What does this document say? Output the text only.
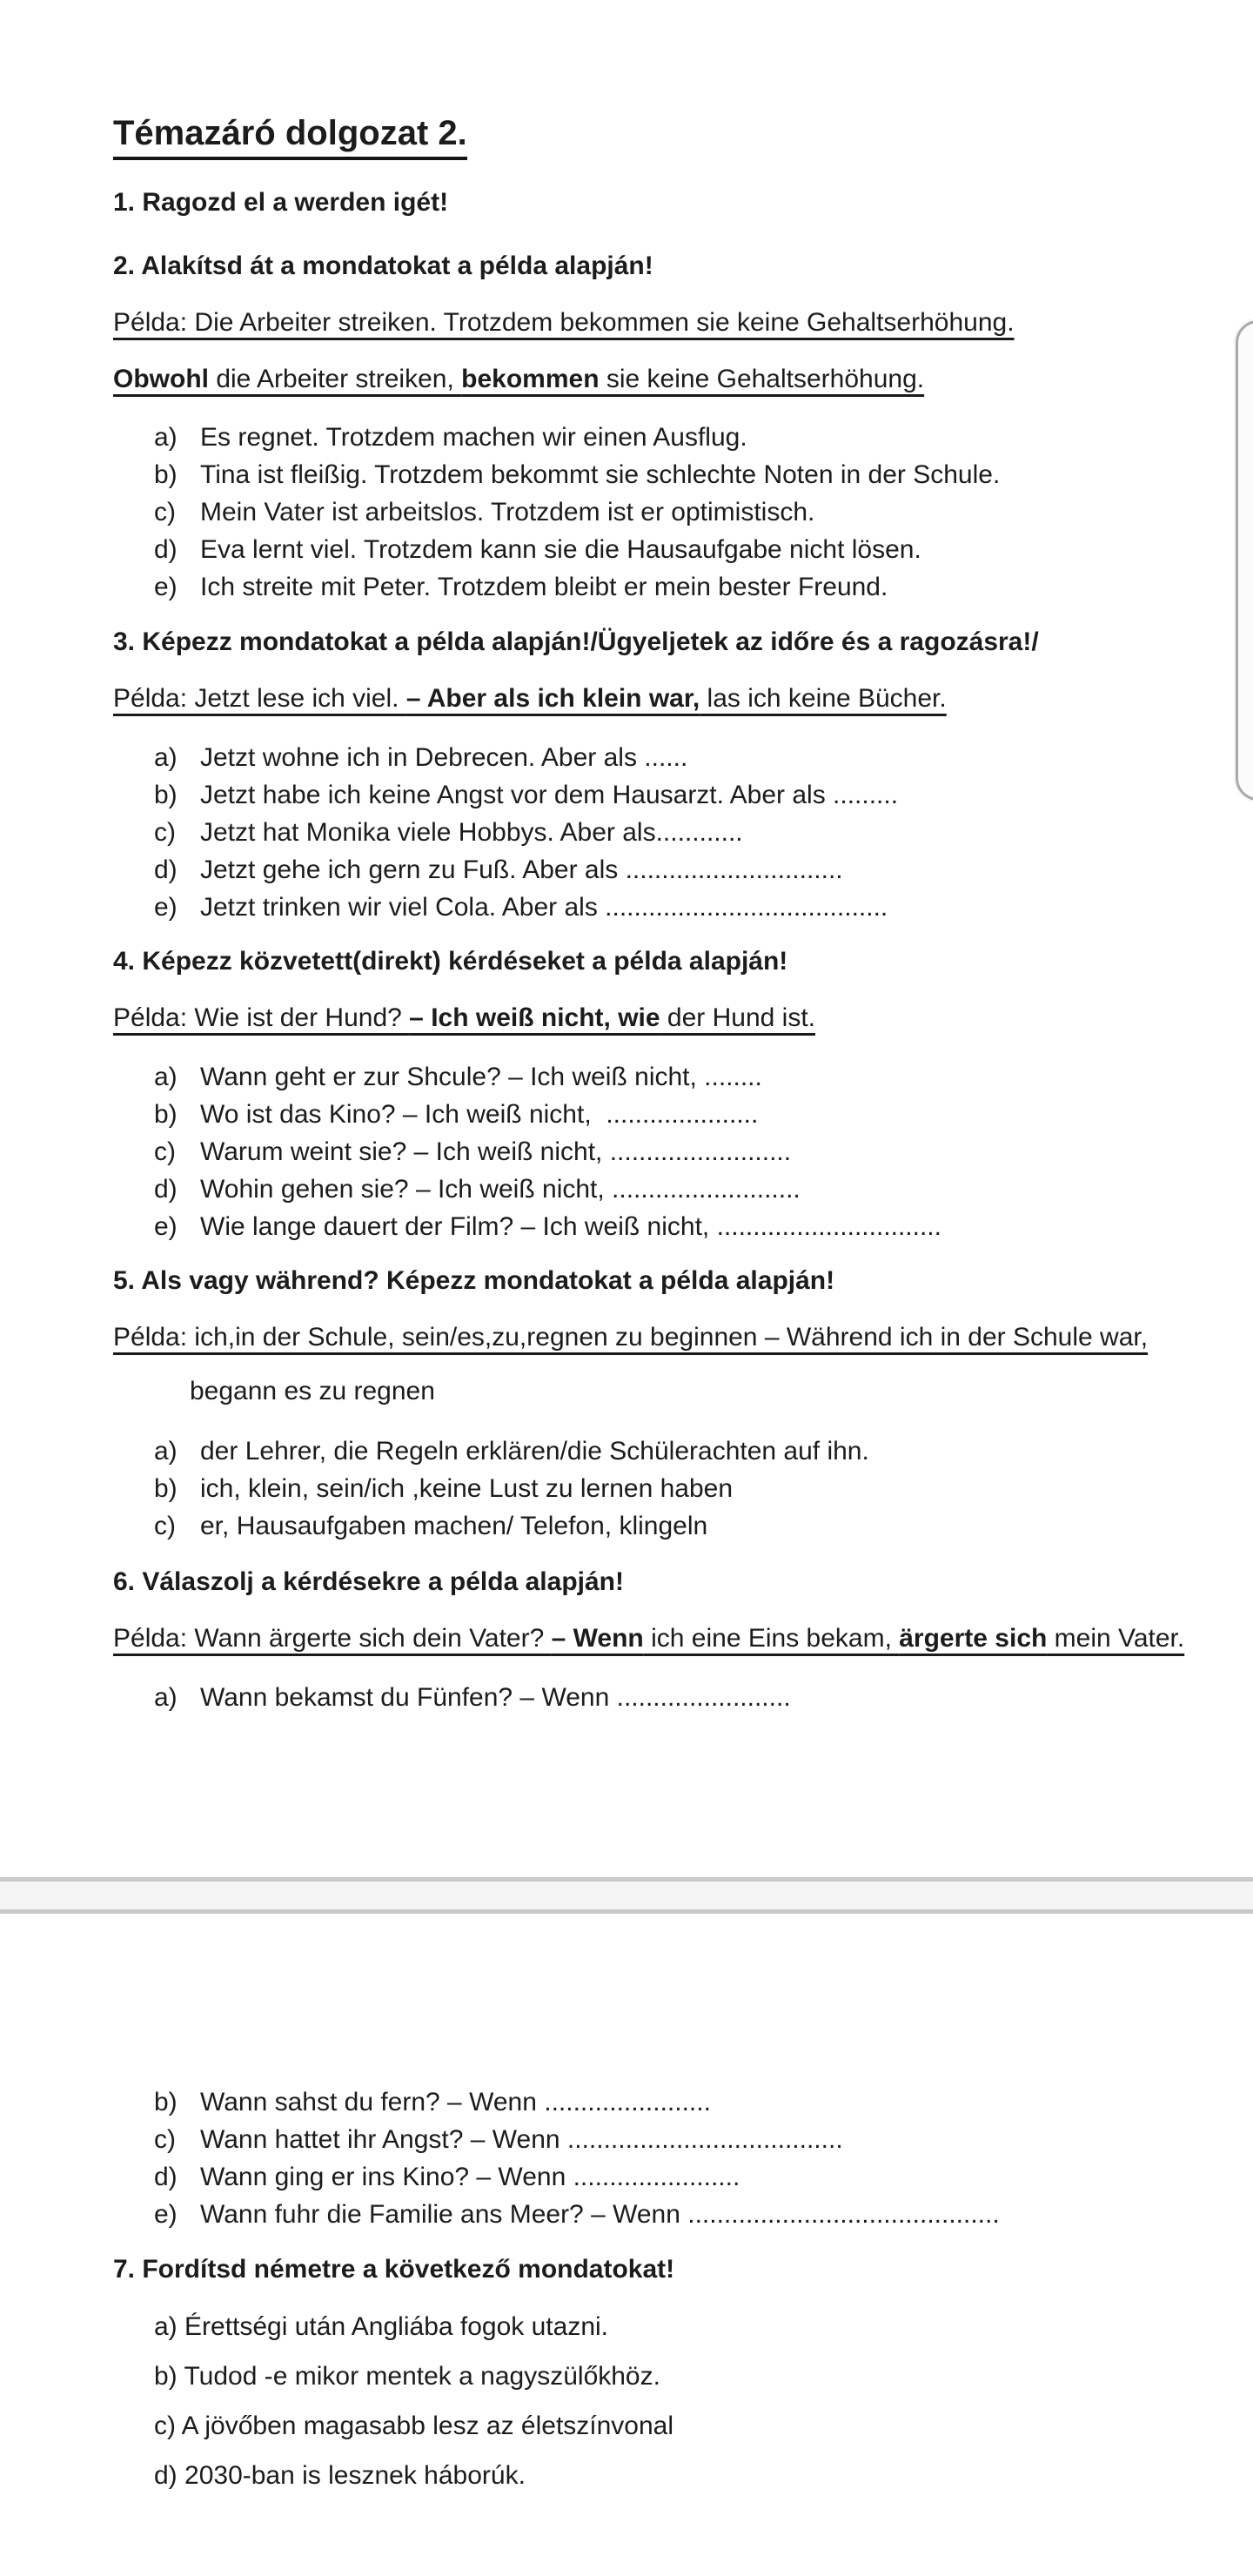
Témazáró dolgozat 2.
1. Ragozd el a werden igét!
2. Alakítsd át a mondatokat a példa alapján!
Példa: Die Arbeiter streiken. Trotzdem bekommen sie keine Gehaltserhöhung.
Obwohl die Arbeiter streiken, bekommen sie keine Gehaltserhöhung.
a) Es regnet. Trotzdem machen wir einen Ausflug.
b) Tina ist fleißig. Trotzdem bekommt sie schlechte Noten in der Schule.
c) Mein Vater ist arbeitslos. Trotzdem ist er optimistisch.
d) Eva lernt viel. Trotzdem kann sie die Hausaufgabe nicht lösen.
e) Ich streite mit Peter. Trotzdem bleibt er mein bester Freund.
3. Képezz mondatokat a példa alapján!/Ügyeljetek az időre és a ragozásra!/
Példa: Jetzt lese ich viel. – Aber als ich klein war, las ich keine Bücher.
a) Jetzt wohne ich in Debrecen. Aber als ......
b) Jetzt habe ich keine Angst vor dem Hausarzt. Aber als .........
c) Jetzt hat Monika viele Hobbys. Aber als............
d) Jetzt gehe ich gern zu Fuß. Aber als ..............................
e) Jetzt trinken wir viel Cola. Aber als .......................................
4. Képezz közvetett(direkt) kérdéseket a példa alapján!
Példa: Wie ist der Hund? – Ich weiß nicht, wie der Hund ist.
a) Wann geht er zur Shcule? – Ich weiß nicht, ........
b) Wo ist das Kino? – Ich weiß nicht,  .....................
c) Warum weint sie? – Ich weiß nicht, .........................
d) Wohin gehen sie? – Ich weiß nicht, ..........................
e) Wie lange dauert der Film? – Ich weiß nicht, ...............................
5. Als vagy während? Képezz mondatokat a példa alapján!
Példa: ich,in der Schule, sein/es,zu,regnen zu beginnen – Während ich in der Schule war,
begann es zu regnen
a) der Lehrer, die Regeln erklären/die Schülerachten auf ihn.
b) ich, klein, sein/ich ,keine Lust zu lernen haben
c) er, Hausaufgaben machen/ Telefon, klingeln
6. Válaszolj a kérdésekre a példa alapján!
Példa: Wann ärgerte sich dein Vater? – Wenn ich eine Eins bekam, ärgerte sich mein Vater.
a) Wann bekamst du Fünfen? – Wenn ........................
b) Wann sahst du fern? – Wenn .......................
c) Wann hattet ihr Angst? – Wenn ......................................
d) Wann ging er ins Kino? – Wenn .......................
e) Wann fuhr die Familie ans Meer? – Wenn ...........................................
7. Fordítsd németre a következő mondatokat!
a) Érettségi után Angliába fogok utazni.
b) Tudod -e mikor mentek a nagyszülőkhöz.
c) A jövőben magasabb lesz az életszínvonal
d) 2030-ban is lesznek háborúk.
